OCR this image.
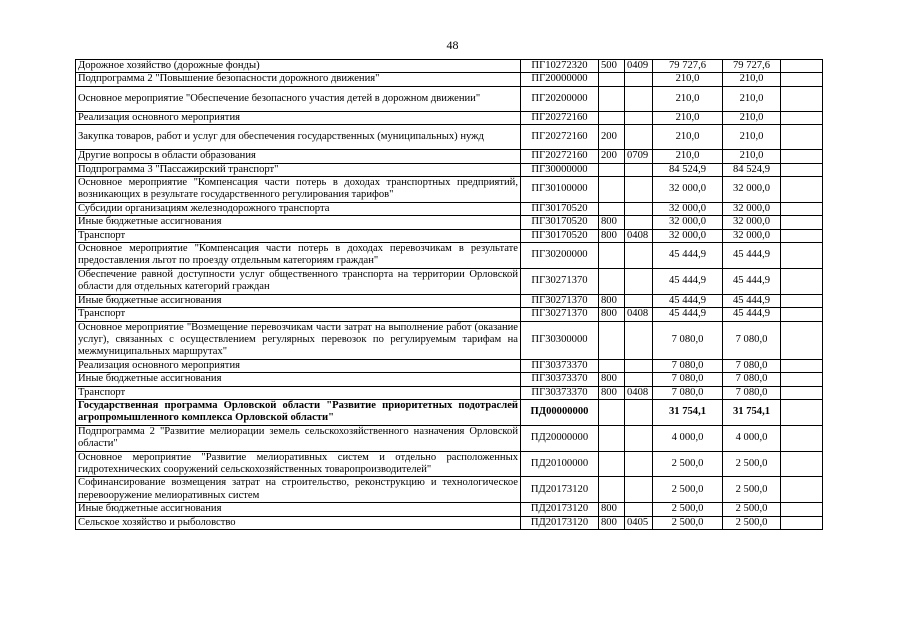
48
Дорожное хозяйство (дорожные фонды)	ПГ10272320	500	0409	79 727,6	79 727,6	
Подпрограмма 2 "Повышение безопасности дорожного движения"	ПГ20000000			210,0	210,0	
Основное мероприятие "Обеспечение безопасного участия детей в дорожном движении"	ПГ20200000			210,0	210,0	
Реализация основного мероприятия	ПГ20272160			210,0	210,0	
Закупка товаров, работ и услуг для обеспечения государственных (муниципальных) нужд	ПГ20272160	200		210,0	210,0	
Другие вопросы в области образования	ПГ20272160	200	0709	210,0	210,0	
Подпрограмма 3 "Пассажирский транспорт"	ПГ30000000			84 524,9	84 524,9	
Основное мероприятие "Компенсация части потерь в доходах транспортных предприятий, возникающих в результате государственного регулирования тарифов"	ПГ30100000			32 000,0	32 000,0	
Субсидии организациям железнодорожного транспорта	ПГ30170520			32 000,0	32 000,0	
Иные бюджетные ассигнования	ПГ30170520	800		32 000,0	32 000,0	
Транспорт	ПГ30170520	800	0408	32 000,0	32 000,0	
Основное мероприятие "Компенсация части потерь в доходах перевозчикам в результате предоставления льгот по проезду отдельным категориям граждан"	ПГ30200000			45 444,9	45 444,9	
Обеспечение равной доступности услуг общественного транспорта на территории Орловской области для отдельных категорий граждан	ПГ30271370			45 444,9	45 444,9	
Иные бюджетные ассигнования	ПГ30271370	800		45 444,9	45 444,9	
Транспорт	ПГ30271370	800	0408	45 444,9	45 444,9	
Основное мероприятие "Возмещение перевозчикам части затрат на выполнение работ (оказание услуг), связанных с осуществлением регулярных перевозок по регулируемым тарифам на межмуниципальных маршрутах"	ПГ30300000			7 080,0	7 080,0	
Реализация основного мероприятия	ПГ30373370			7 080,0	7 080,0	
Иные бюджетные ассигнования	ПГ30373370	800		7 080,0	7 080,0	
Транспорт	ПГ30373370	800	0408	7 080,0	7 080,0	
Государственная программа Орловской области "Развитие приоритетных подотраслей агропромышленного комплекса Орловской области"	ПД00000000			31 754,1	31 754,1	
Подпрограмма 2 "Развитие мелиорации земель сельскохозяйственного назначения Орловской области"	ПД20000000			4 000,0	4 000,0	
Основное мероприятие "Развитие мелиоративных систем и отдельно расположенных гидротехнических сооружений сельскохозяйственных товаропроизводителей"	ПД20100000			2 500,0	2 500,0	
Софинансирование возмещения затрат на строительство, реконструкцию и технологическое перевооружение мелиоративных систем	ПД20173120			2 500,0	2 500,0	
Иные бюджетные ассигнования	ПД20173120	800		2 500,0	2 500,0	
Сельское хозяйство и рыболовство	ПД20173120	800	0405	2 500,0	2 500,0	
